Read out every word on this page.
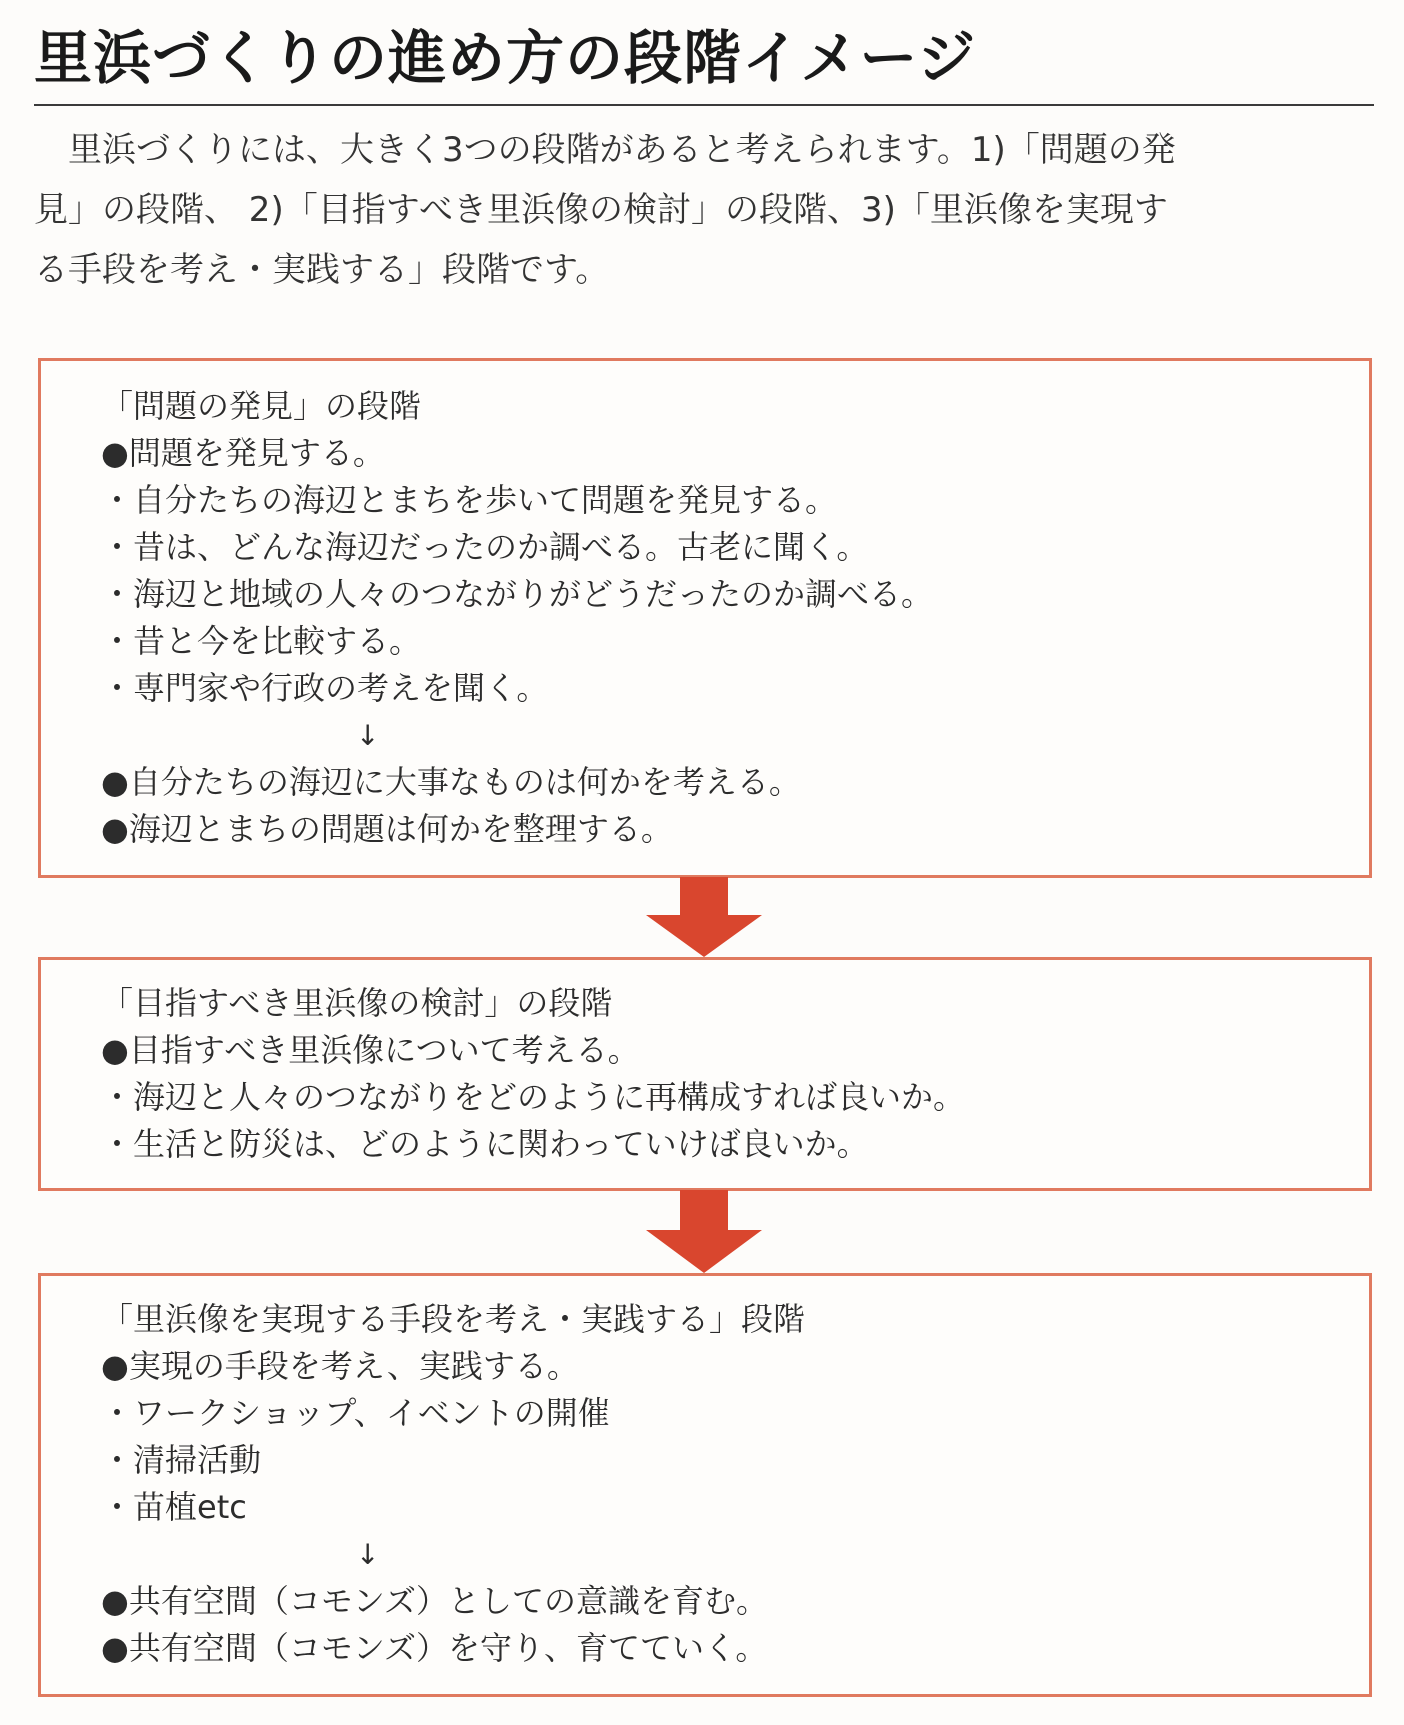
里浜づくりの進め方の段階イメージ

　里浜づくりには、大きく3つの段階があると考えられます。1)「問題の発
見」の段階、 2)「目指すべき里浜像の検討」の段階、3)「里浜像を実現す
る手段を考え・実践する」段階です。

「問題の発見」の段階
●問題を発見する。
・自分たちの海辺とまちを歩いて問題を発見する。
・昔は、どんな海辺だったのか調べる。古老に聞く。
・海辺と地域の人々のつながりがどうだったのか調べる。
・昔と今を比較する。
・専門家や行政の考えを聞く。
↓
●自分たちの海辺に大事なものは何かを考える。
●海辺とまちの問題は何かを整理する。
「目指すべき里浜像の検討」の段階
●目指すべき里浜像について考える。
・海辺と人々のつながりをどのように再構成すれば良いか。
・生活と防災は、どのように関わっていけば良いか。
「里浜像を実現する手段を考え・実践する」段階
●実現の手段を考え、実践する。
・ワークショップ、イベントの開催
・清掃活動
・苗植etc
↓
●共有空間（コモンズ）としての意識を育む。
●共有空間（コモンズ）を守り、育てていく。
